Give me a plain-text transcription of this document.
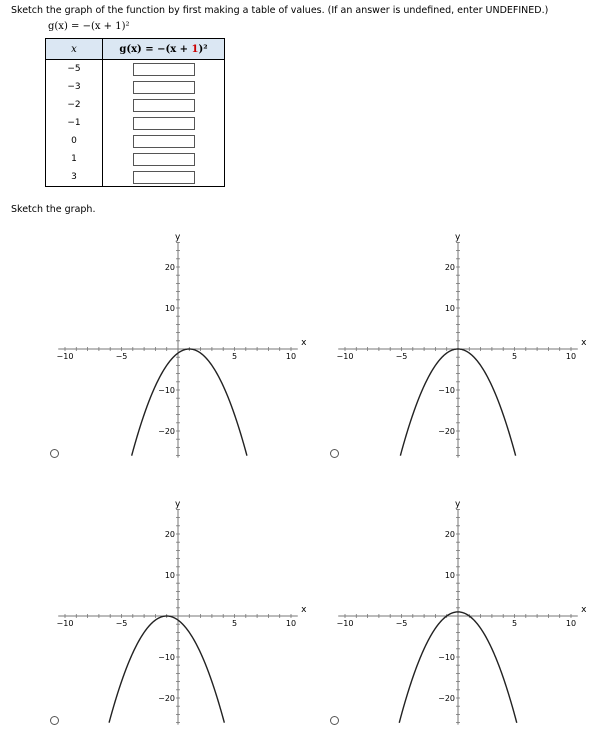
Sketch the graph of the function by first making a table of values. (If an answer is undefined, enter UNDEFINED.)
g(x) = −(x + 1)²
x	g(x) = −(x + 1)²
−5	
−3	
−2	
−1	
0	
1	
3	
Sketch the graph.
x
y
−10	−5	5	10
20
10
−10
−20
x
y
−10	−5	5	10
20
10
−10
−20
x
y
−10	−5	5	10
20
10
−10
−20
x
y
−10	−5	5	10
20
10
−10
−20
